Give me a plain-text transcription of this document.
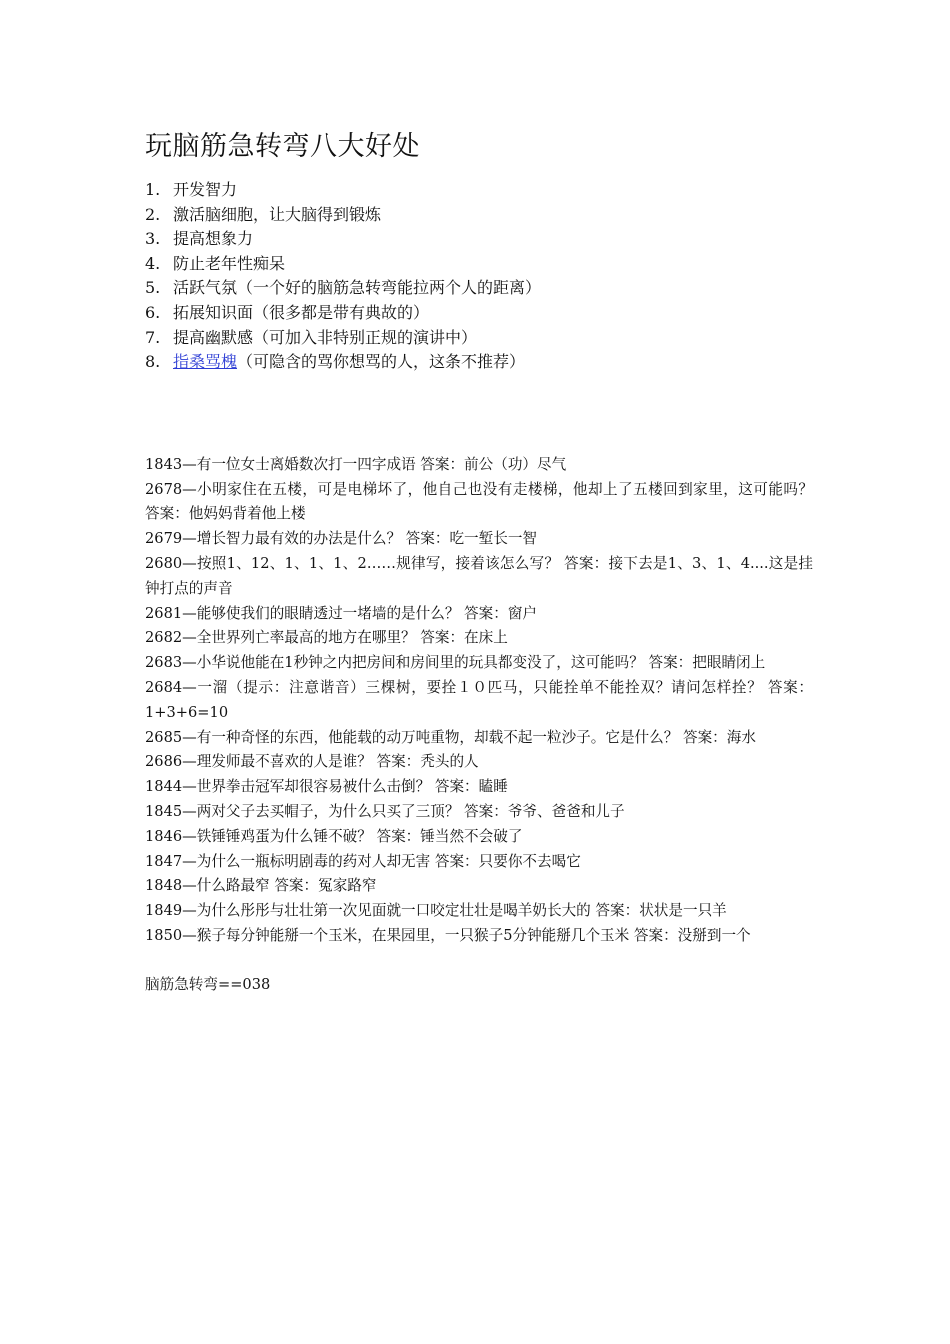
玩脑筋急转弯八大好处
1. 开发智力
2. 激活脑细胞，让大脑得到锻炼
3. 提高想象力
4. 防止老年性痴呆
5. 活跃气氛（一个好的脑筋急转弯能拉两个人的距离）
6. 拓展知识面（很多都是带有典故的）
7. 提高幽默感（可加入非特别正规的演讲中）
8. 指桑骂槐（可隐含的骂你想骂的人，这条不推荐）

1843—有一位女士离婚数次打一四字成语 答案：前公（功）尽气

2678—小明家住在五楼，可是电梯坏了，他自己也没有走楼梯，他却上了五楼回到家里，这可能吗？ 答案：他妈妈背着他上楼

2679—增长智力最有效的办法是什么？ 答案：吃一堑长一智

2680—按照1、12、1、1、1、2……规律写，接着该怎么写？ 答案：接下去是1、3、1、4....这是挂钟打点的声音

2681—能够使我们的眼睛透过一堵墙的是什么？ 答案：窗户

2682—全世界列亡率最高的地方在哪里？ 答案：在床上

2683—小华说他能在1秒钟之内把房间和房间里的玩具都变没了，这可能吗？ 答案：把眼睛闭上

2684—一溜（提示：注意谐音）三棵树，要拴１０匹马，只能拴单不能拴双？请问怎样拴？ 答案：1+3+6=10

2685—有一种奇怪的东西，他能载的动万吨重物，却载不起一粒沙子。它是什么？ 答案：海水

2686—理发师最不喜欢的人是谁？ 答案：秃头的人

1844—世界拳击冠军却很容易被什么击倒？ 答案：瞌睡

1845—两对父子去买帽子，为什么只买了三顶？ 答案：爷爷、爸爸和儿子

1846—铁锤锤鸡蛋为什么锤不破？ 答案：锤当然不会破了

1847—为什么一瓶标明剧毒的药对人却无害 答案：只要你不去喝它

1848—什么路最窄 答案：冤家路窄

1849—为什么彤彤与壮壮第一次见面就一口咬定壮壮是喝羊奶长大的 答案：状状是一只羊

1850—猴子每分钟能掰一个玉米，在果园里，一只猴子5分钟能掰几个玉米 答案：没掰到一个

脑筋急转弯==038
